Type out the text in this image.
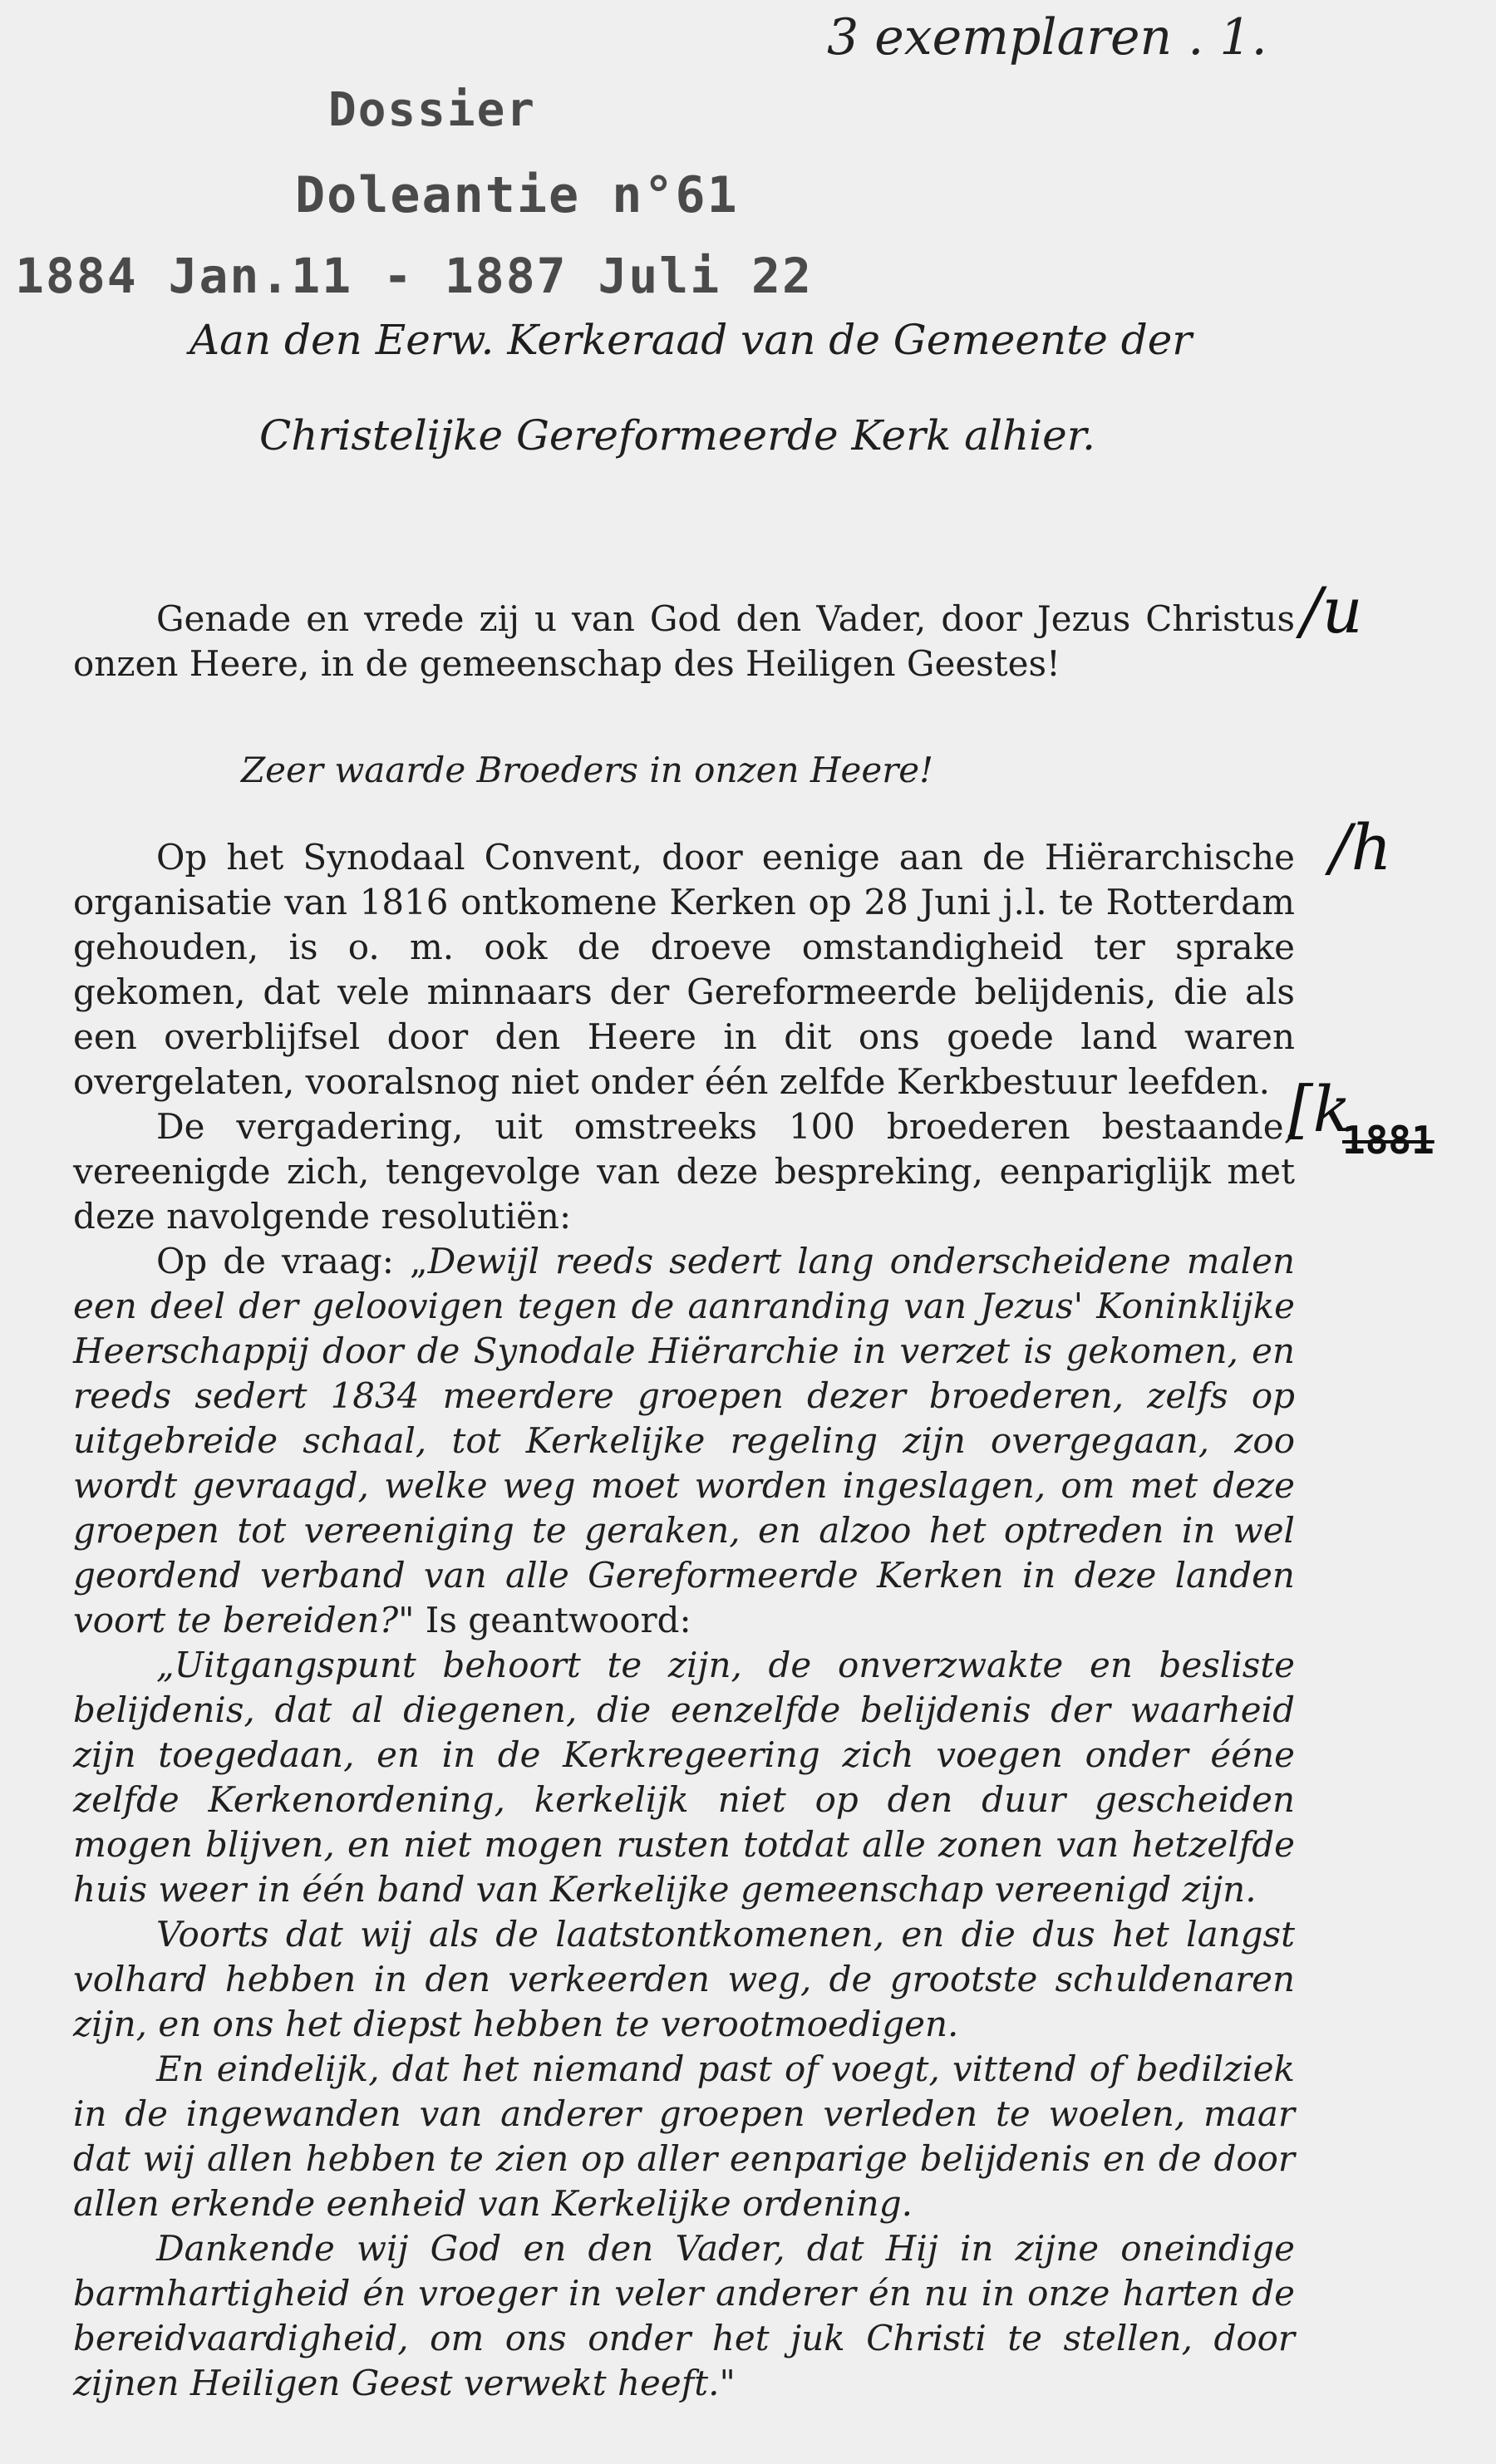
3 exemplaren . 1.
Dossier
Doleantie n°61
1884 Jan.11 - 1887 Juli 22
Aan den Eerw. Kerkeraad van de Gemeente der
Christelijke Gereformeerde Kerk alhier.

Genade en vrede zij u van God den Vader, door Jezus Christus onzen Heere, in de gemeenschap des Heiligen Geestes!

Zeer waarde Broeders in onzen Heere!

Op het Synodaal Convent, door eenige aan de Hiërarchische organisatie van 1816 ontkomene Kerken op 28 Juni j.l. te Rotterdam gehouden, is o. m. ook de droeve omstandigheid ter sprake gekomen, dat vele minnaars der Gereformeerde belijdenis, die als een overblijfsel door den Heere in dit ons goede land waren overgelaten, vooralsnog niet onder één zelfde Kerkbestuur leefden.

De vergadering, uit omstreeks 100 broederen bestaande, vereenigde zich, tengevolge van deze bespreking, eenpariglijk met deze navolgende resolutiën:

Op de vraag: „Dewijl reeds sedert lang onderscheidene malen een deel der geloovigen tegen de aanranding van Jezus' Koninklijke Heerschappij door de Synodale Hiërarchie in verzet is gekomen, en reeds sedert 1834 meerdere groepen dezer broederen, zelfs op uitgebreide schaal, tot Kerkelijke regeling zijn overgegaan, zoo wordt gevraagd, welke weg moet worden ingeslagen, om met deze groepen tot vereeniging te geraken, en alzoo het optreden in wel geordend verband van alle Gereformeerde Kerken in deze landen voort te bereiden?" Is geantwoord:

„Uitgangspunt behoort te zijn, de onverzwakte en besliste belijdenis, dat al diegenen, die eenzelfde belijdenis der waarheid zijn toegedaan, en in de Kerkregeering zich voegen onder ééne zelfde Kerkenordening, kerkelijk niet op den duur gescheiden mogen blijven, en niet mogen rusten totdat alle zonen van hetzelfde huis weer in één band van Kerkelijke gemeenschap vereenigd zijn.

Voorts dat wij als de laatstontkomenen, en die dus het langst volhard hebben in den verkeerden weg, de grootste schuldenaren zijn, en ons het diepst hebben te verootmoedigen.

En eindelijk, dat het niemand past of voegt, vittend of bedilziek in de ingewanden van anderer groepen verleden te woelen, maar dat wij allen hebben te zien op aller eenparige belijdenis en de door allen erkende eenheid van Kerkelijke ordening.

Dankende wij God en den Vader, dat Hij in zijne oneindige barmhartigheid én vroeger in veler anderer én nu in onze harten de bereidvaardigheid, om ons onder het juk Christi te stellen, door zijnen Heiligen Geest verwekt heeft."

/u
/h
[k
1881
